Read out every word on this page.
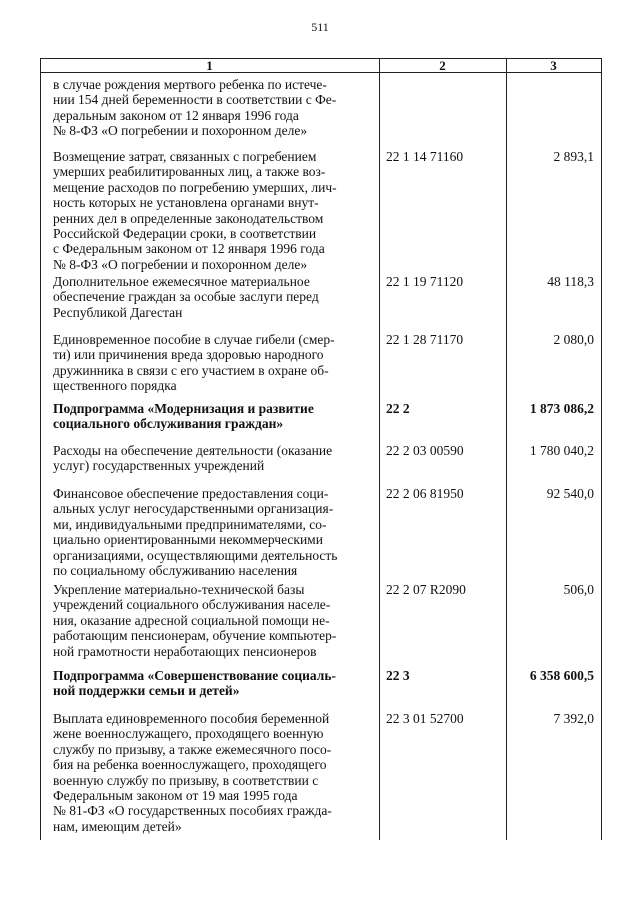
511
1	2	3
в случае рождения мертвого ребенка по истече-
нии 154 дней беременности в соответствии с Фе-
деральным законом от 12 января 1996 года
№ 8-ФЗ «О погребении и похоронном деле»
Возмещение затрат, связанных с погребением
умерших реабилитированных лиц, а также воз-
мещение расходов по погребению умерших, лич-
ность которых не установлена органами внут-
ренних дел в определенные законодательством
Российской Федерации сроки, в соответствии
с Федеральным законом от 12 января 1996 года
№ 8-ФЗ «О погребении и похоронном деле»
22 1 14 71160	2 893,1
Дополнительное ежемесячное материальное
обеспечение граждан за особые заслуги перед
Республикой Дагестан
22 1 19 71120	48 118,3
Единовременное пособие в случае гибели (смер-
ти) или причинения вреда здоровью народного
дружинника в связи с его участием в охране об-
щественного порядка
22 1 28 71170	2 080,0
Подпрограмма «Модернизация и развитие
социального обслуживания граждан»
22 2	1 873 086,2
Расходы на обеспечение деятельности (оказание
услуг) государственных учреждений
22 2 03 00590	1 780 040,2
Финансовое обеспечение предоставления соци-
альных услуг негосударственными организация-
ми, индивидуальными предпринимателями, со-
циально ориентированными некоммерческими
организациями, осуществляющими деятельность
по социальному обслуживанию населения
22 2 06 81950	92 540,0
Укрепление материально-технической базы
учреждений социального обслуживания населе-
ния, оказание адресной социальной помощи не-
работающим пенсионерам, обучение компьютер-
ной грамотности неработающих пенсионеров
22 2 07 R2090	506,0
Подпрограмма «Совершенствование социаль-
ной поддержки семьи и детей»
22 3	6 358 600,5
Выплата единовременного пособия беременной
жене военнослужащего, проходящего военную
службу по призыву, а также ежемесячного посо-
бия на ребенка военнослужащего, проходящего
военную службу по призыву, в соответствии с
Федеральным законом от 19 мая 1995 года
№ 81-ФЗ «О государственных пособиях гражда-
нам, имеющим детей»
22 3 01 52700	7 392,0
